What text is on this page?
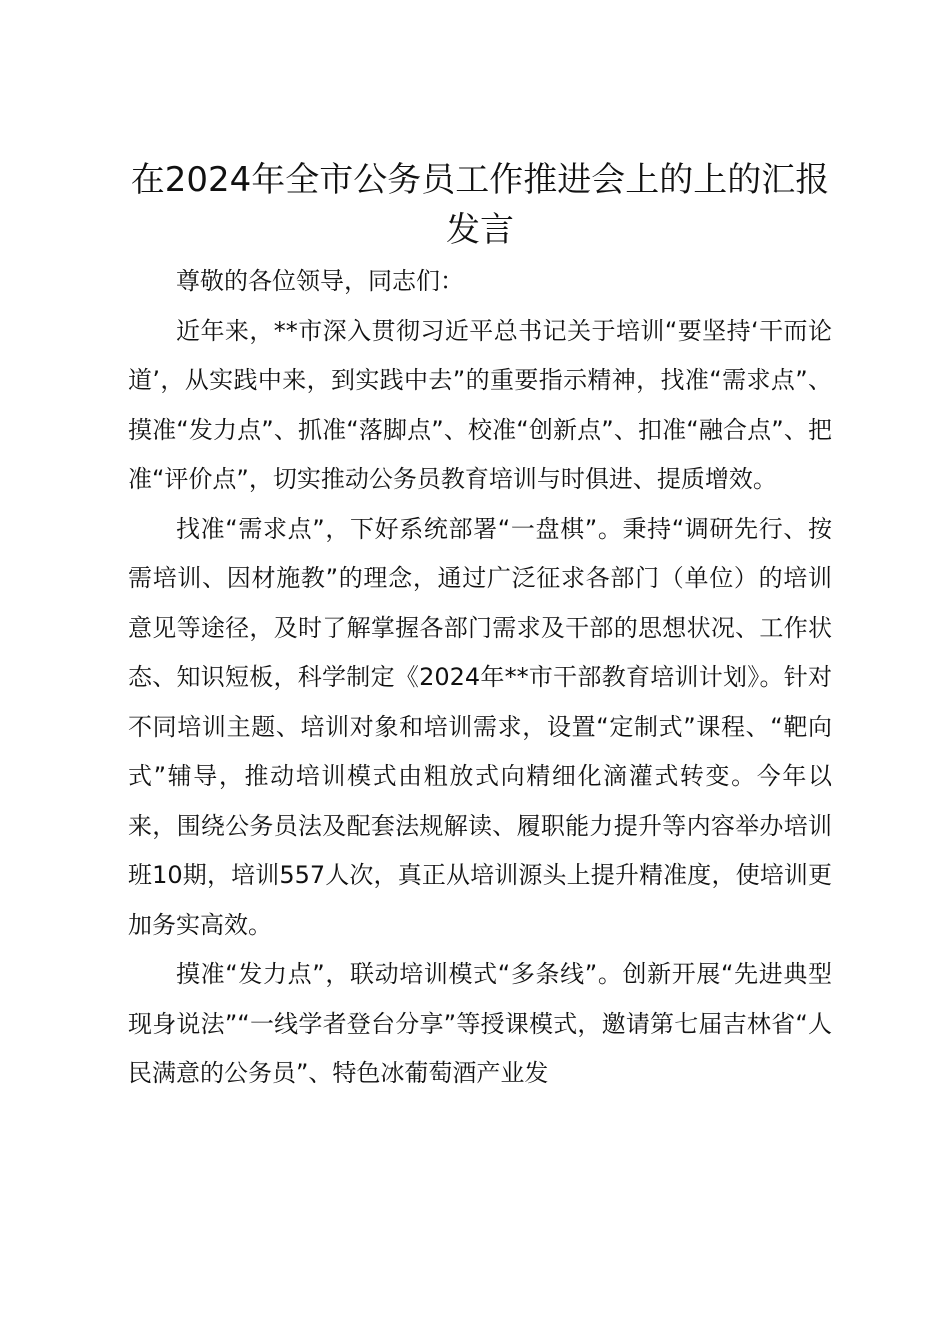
在2024年全市公务员工作推进会上的上的汇报发言

尊敬的各位领导，同志们：

近年来，**市深入贯彻习近平总书记关于培训“要坚持‘干而论道’，从实践中来，到实践中去”的重要指示精神，找准“需求点”、摸准“发力点”、抓准“落脚点”、校准“创新点”、扣准“融合点”、把准“评价点”，切实推动公务员教育培训与时俱进、提质增效。

找准“需求点”，下好系统部署“一盘棋”。秉持“调研先行、按需培训、因材施教”的理念，通过广泛征求各部门（单位）的培训意见等途径，及时了解掌握各部门需求及干部的思想状况、工作状态、知识短板，科学制定《2024年**市干部教育培训计划》。针对不同培训主题、培训对象和培训需求，设置“定制式”课程、“靶向式”辅导，推动培训模式由粗放式向精细化滴灌式转变。今年以来，围绕公务员法及配套法规解读、履职能力提升等内容举办培训班10期，培训557人次，真正从培训源头上提升精准度，使培训更加务实高效。

摸准“发力点”，联动培训模式“多条线”。创新开展“先进典型现身说法”“一线学者登台分享”等授课模式，邀请第七届吉林省“人民满意的公务员”、特色冰葡萄酒产业发
